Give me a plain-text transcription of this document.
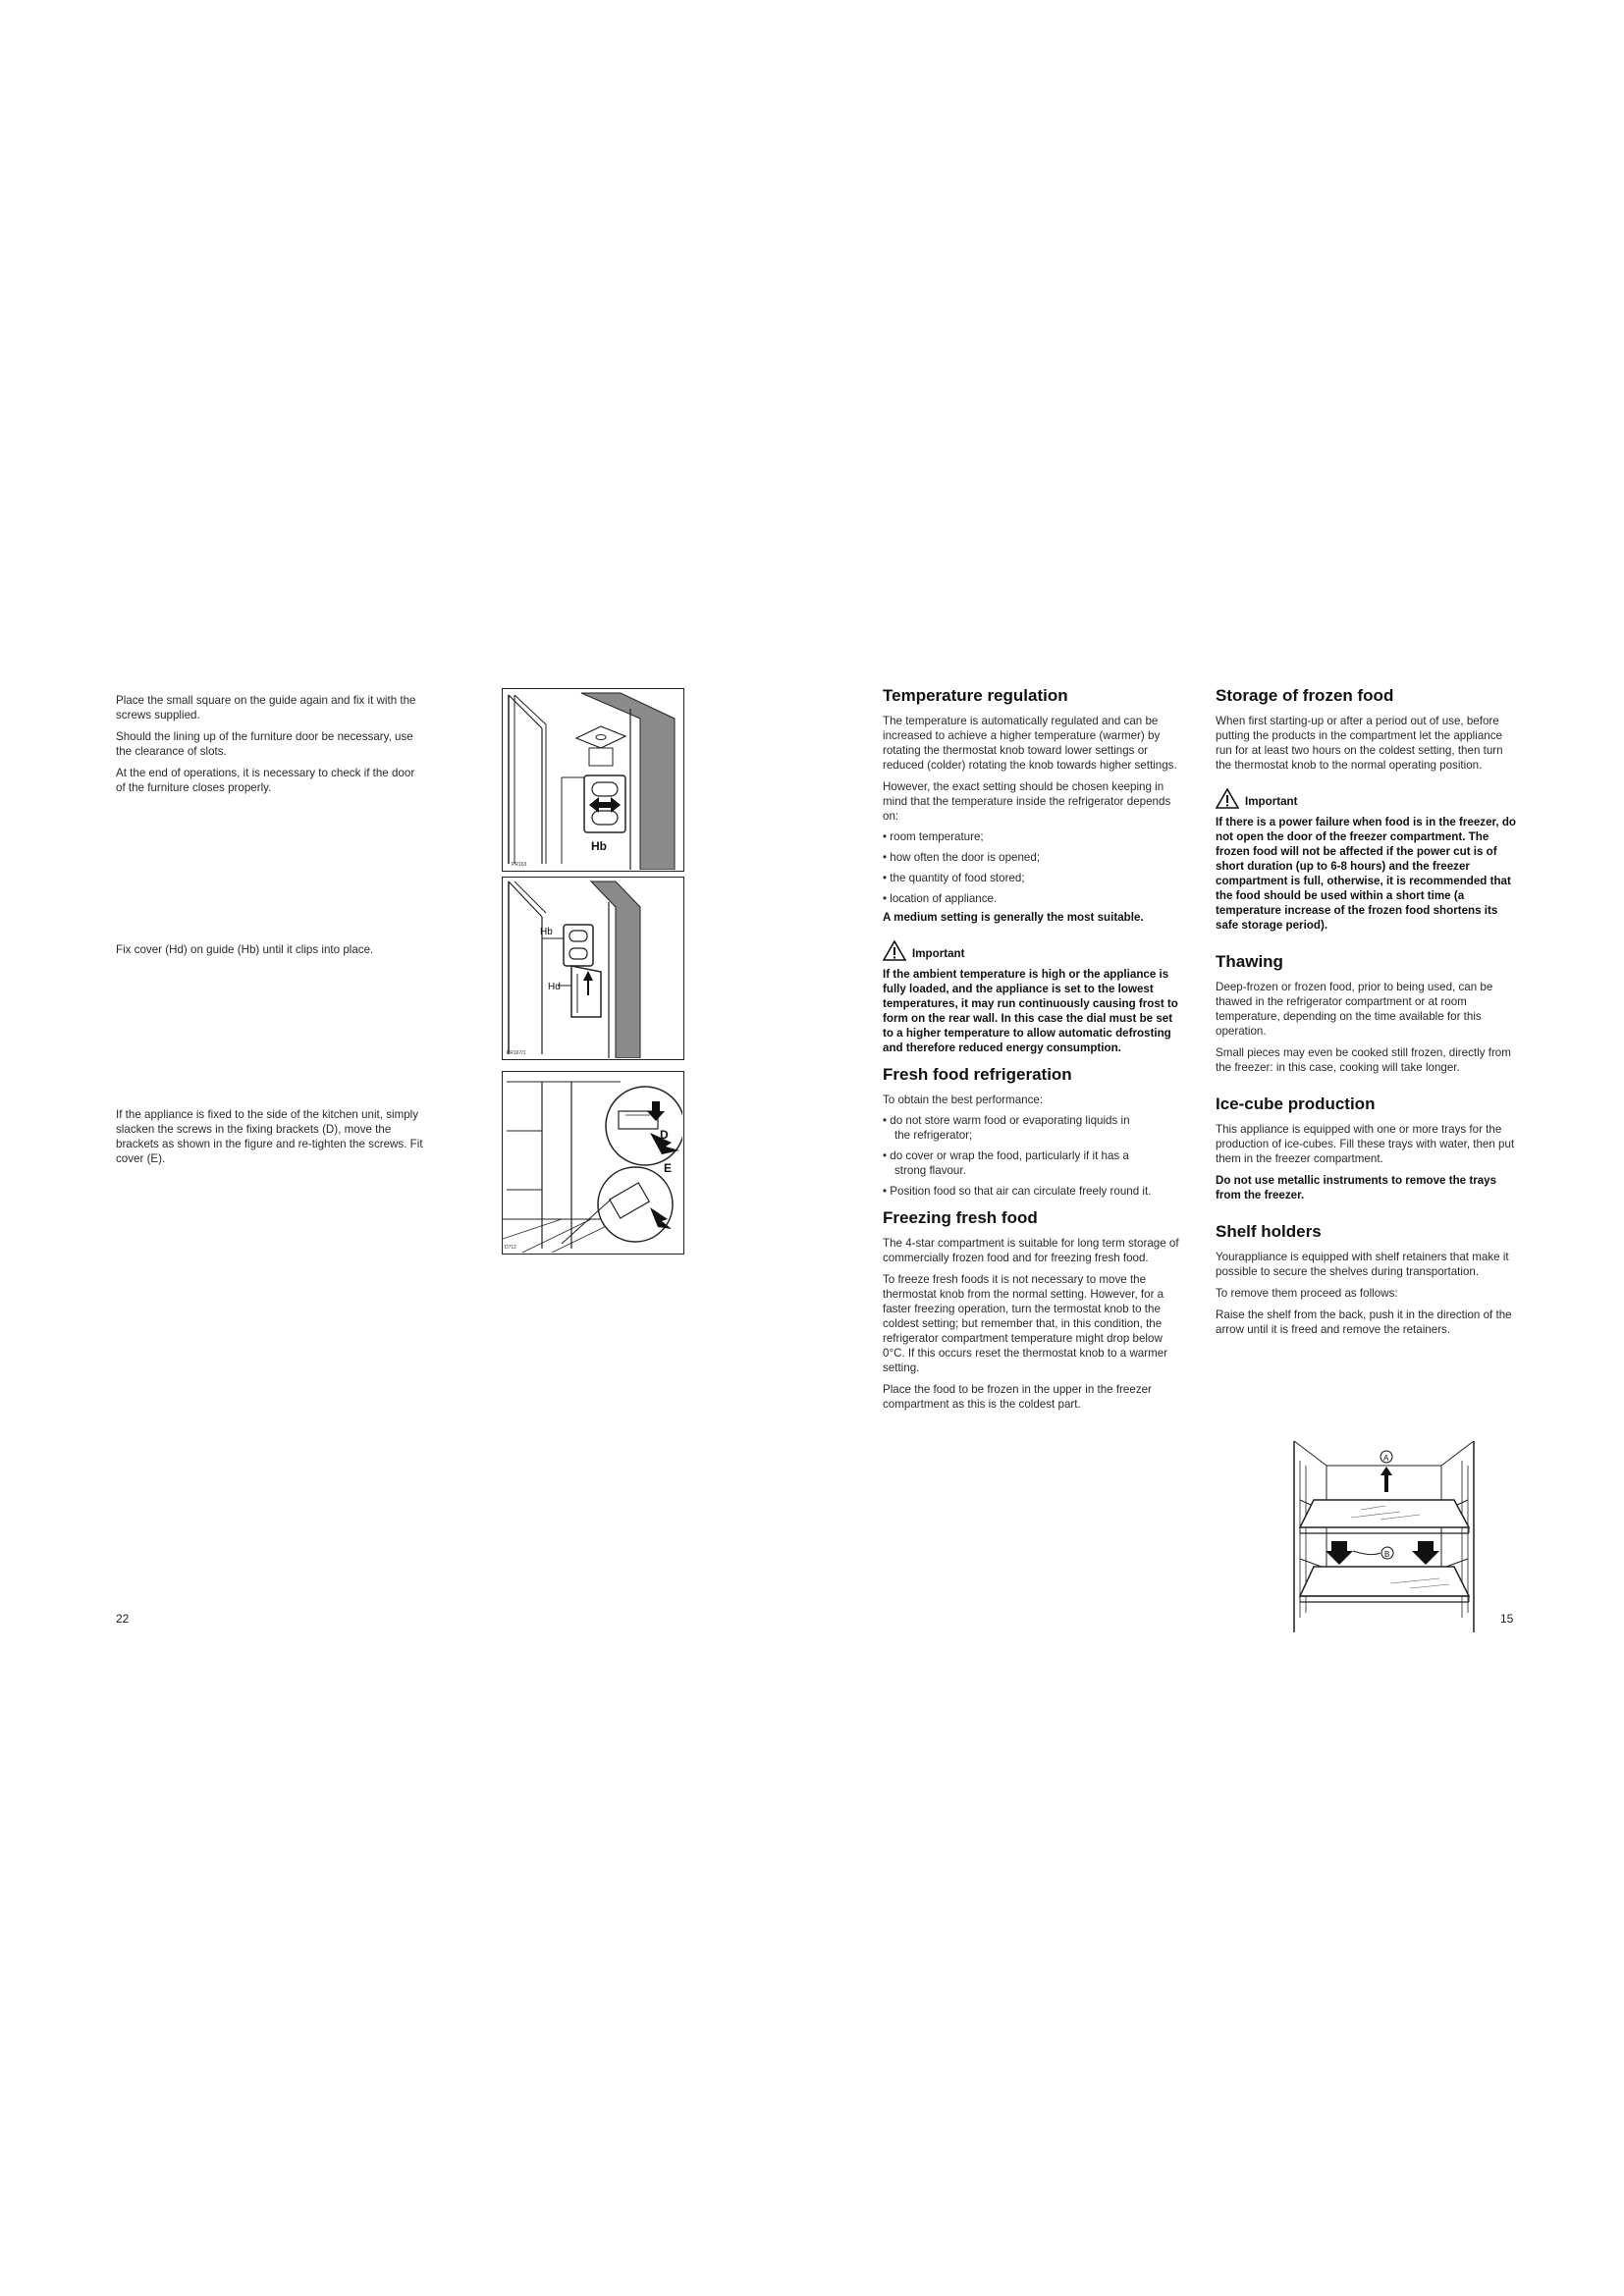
Place the small square on the guide again and fix it with the screws supplied.

Should the lining up of the furniture door be necessary, use the clearance of slots.

At the end of operations, it is necessary to check if the door of the furniture closes properly.

Fix cover (Hd) on guide (Hb) until it clips into place.

If the appliance is fixed to the side of the kitchen unit, simply slacken the screws in the fixing brackets (D), move the brackets as shown in the figure and re-tighten the screws. Fit cover (E).

PR163
Hb
Hb
Hd
PR167/1
D
E
D712
22
Temperature regulation

The temperature is automatically regulated and can be increased to achieve a higher temperature (warmer) by rotating the thermostat knob toward lower settings or reduced (colder) rotating the knob towards higher settings.

However, the exact setting should be chosen keeping in mind that the temperature inside the refrigerator depends on:

• room temperature;

• how often the door is opened;

• the quantity of food stored;

• location of appliance.

A medium setting is generally the most suitable.

Important

If the ambient temperature is high or the appliance is fully loaded, and the appliance is set to the lowest temperatures, it may run continuously causing frost to form on the rear wall. In this case the dial must be set to a higher temperature to allow automatic defrosting and therefore reduced energy consumption.

Fresh food refrigeration

To obtain the best performance:

• do not store warm food or evaporating liquids in
the refrigerator;

• do cover or wrap the food, particularly if it has a
strong flavour.

• Position food so that air can circulate freely round it.

Freezing fresh food

The 4-star compartment is suitable for long term storage of commercially frozen food and for freezing fresh food.

To freeze fresh foods it is not necessary to move the thermostat knob from the normal setting. However, for a faster freezing operation, turn the termostat knob to the coldest setting; but remember that, in this condition, the refrigerator compartment temperature might drop below 0°C. If this occurs reset the thermostat knob to a warmer setting.

Place the food to be frozen in the upper in the freezer compartment as this is the coldest part.

Storage of frozen food

When first starting-up or after a period out of use, before putting the products in the compartment let the appliance run for at least two hours on the coldest setting, then turn the thermostat knob to the normal operating position.

Important

If there is a power failure when food is in the freezer, do not open the door of the freezer compartment. The frozen food will not be affected if the power cut is of short duration (up to 6-8 hours) and the freezer compartment is full, otherwise, it is recommended that the food should be used within a short time (a temperature increase of the frozen food shortens its safe storage period).

Thawing

Deep-frozen or frozen food, prior to being used, can be thawed in the refrigerator compartment or at room temperature, depending on the time available for this operation.

Small pieces may even be cooked still frozen, directly from the freezer: in this case, cooking will take longer.

Ice-cube production

This appliance is equipped with one or more trays for the production of ice-cubes. Fill these trays with water, then put them in the freezer compartment.

Do not use metallic instruments to remove the trays from the freezer.

Shelf holders

Yourappliance is equipped with shelf retainers that make it possible to secure the shelves during transportation.

To remove them proceed as follows:

Raise the shelf from the back, push it in the direction of the arrow until it is freed and remove the retainers.

A
B
15
